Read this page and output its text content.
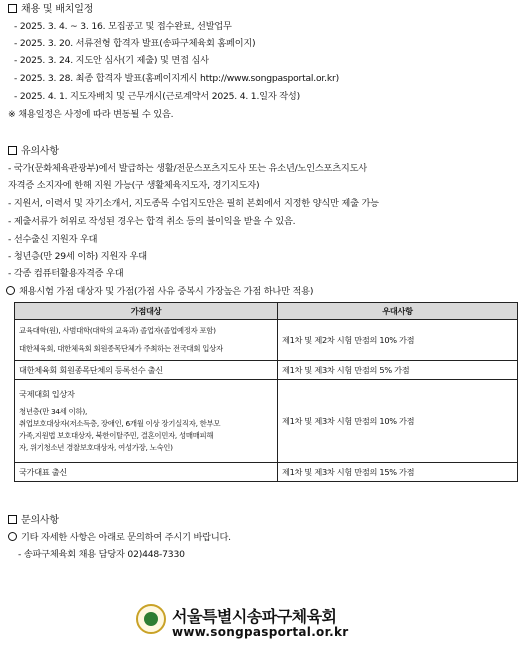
채용 및 배치일정
- 2025. 3. 4. ~ 3. 16. 모집공고 및 접수완료, 선발업무
- 2025. 3. 20. 서류전형 합격자 발표(송파구체육회 홈페이지)
- 2025. 3. 24. 지도안 심사(기 제출) 및 면접 심사
- 2025. 3. 28. 최종 합격자 발표(홈페이지게시 http://www.songpasportal.or.kr)
- 2025. 4. 1. 지도자배치 및 근무개시(근로계약서 2025. 4. 1.일자 작성)
※ 채용일정은 사정에 따라 변동될 수 있음.
유의사항
- 국가(문화체육관광부)에서 발급하는 생활/전문스포츠지도사 또는 유소년/노인스포츠지도사
자격증 소지자에 한해 지원 가능(구 생활체육지도자, 경기지도자)
- 지원서, 이력서 및 자기소개서, 지도종목 수업지도안은 필히 본회에서 지정한 양식만 제출 가능
- 제출서류가 허위로 작성된 경우는 합격 취소 등의 불이익을 받을 수 있음.
- 선수출신 지원자 우대
- 청년층(만 29세 이하) 지원자 우대
- 각종 컴퓨터활용자격증 우대
채용시험 가점 대상자 및 가점(가점 사유 중복시 가장높은 가점 하나만 적용)
가점대상	우대사항

교육대학(원), 사범대학(대학의 교육과) 졸업자(졸업예정자 포함)
대한체육회, 대한체육회 회원종목단체가 주최하는 전국대회 입상자	제1차 및 제2차 시험 만점의 10% 가점
대한체육회 회원종목단체의 등록선수 출신	제1차 및 제3차 시험 만점의 5% 가점

국제대회 입상자
청년층(만 34세 이하),
취업보호대상자(저소득층, 장애인, 6개월 이상 장기실직자, 한부모
가족,지원법 보호대상자, 북한이탈주민, 결혼이민자, 성매매피해
자, 위기청소년 경찰보호대상자, 여성가장, 노숙인)	제1차 및 제3차 시험 만점의 10% 가점
국가대표 출신	제1차 및 제3차 시험 만점의 15% 가점
문의사항
기타 자세한 사항은 아래로 문의하여 주시기 바랍니다.
- 송파구체육회 채용 담당자 02)448-7330
서울특별시송파구체육회
www.songpasportal.or.kr
